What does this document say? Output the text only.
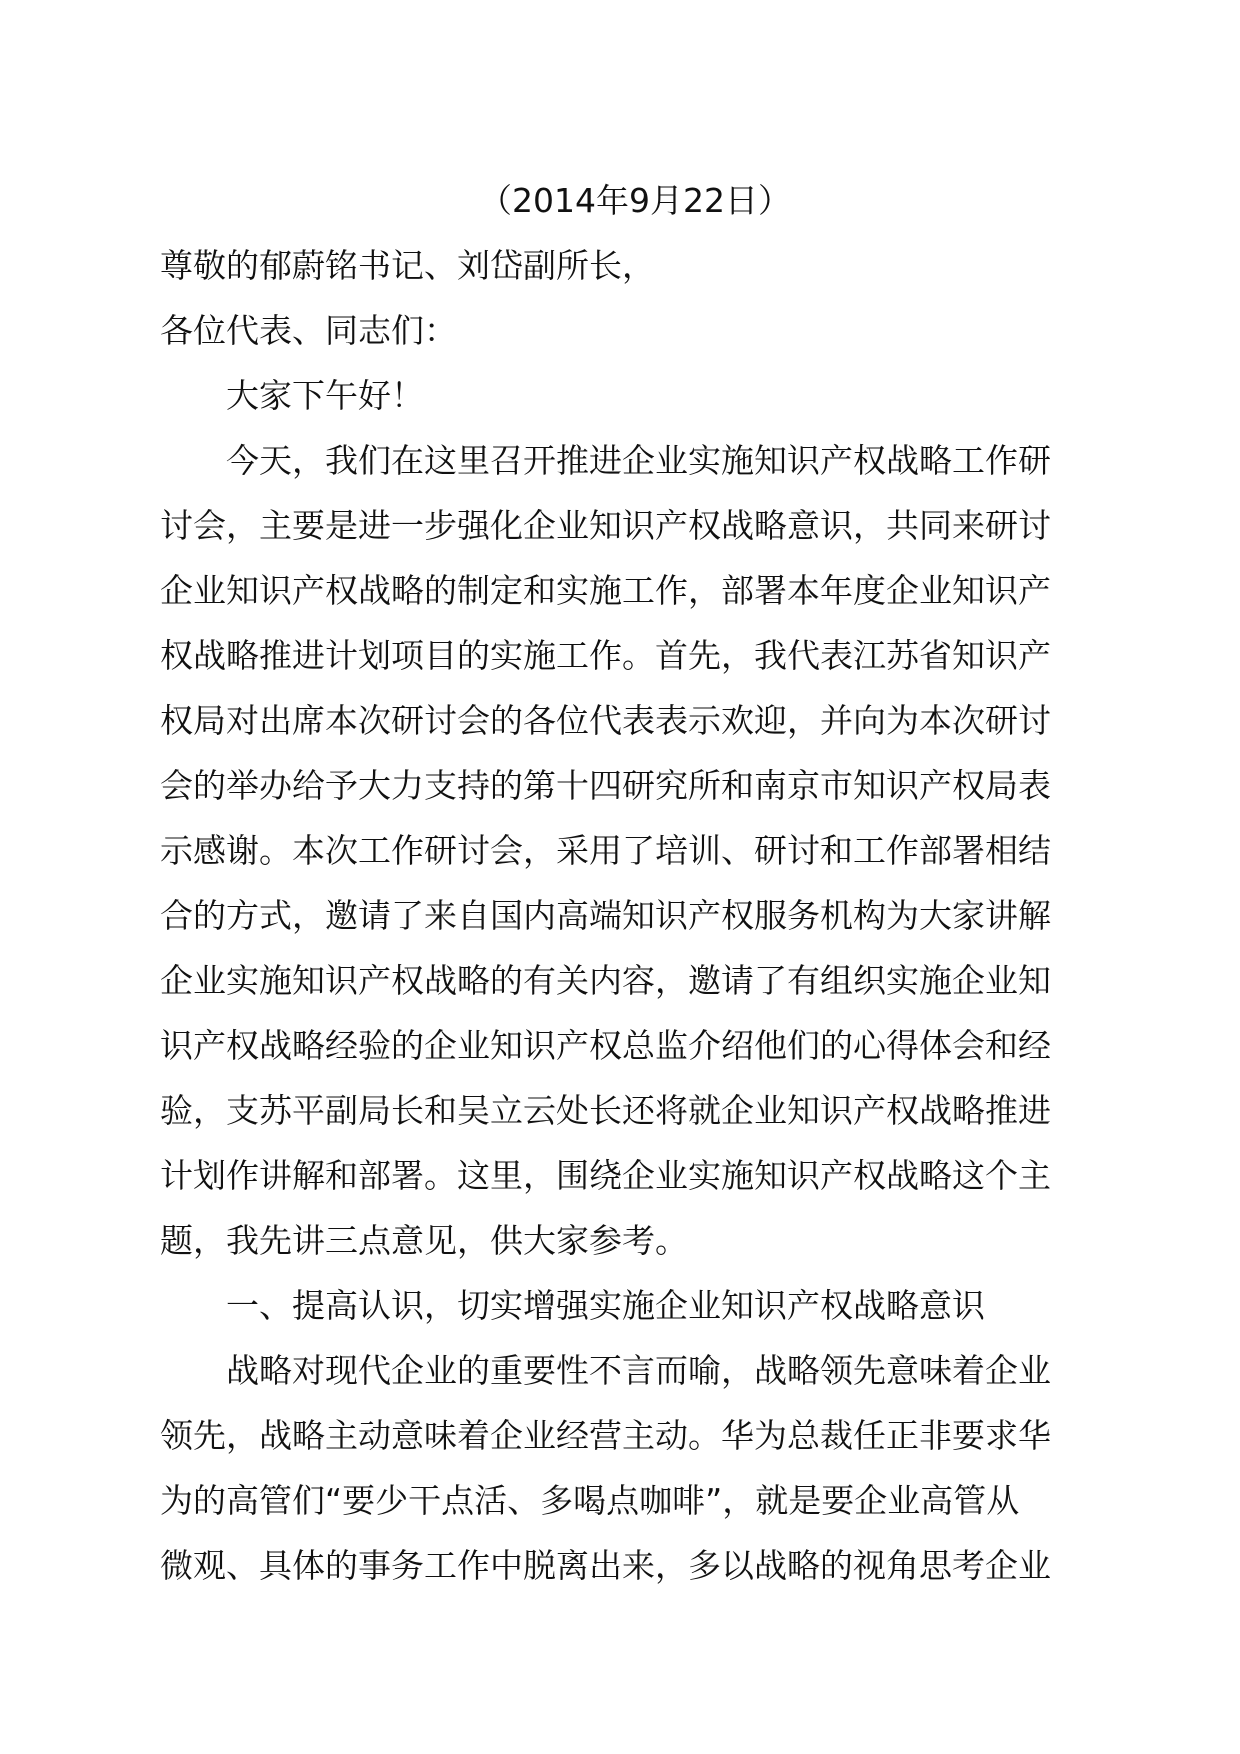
（2014年9月22日）

尊敬的郁蔚铭书记、刘岱副所长，

各位代表、同志们：

大家下午好！

今天，我们在这里召开推进企业实施知识产权战略工作研

讨会，主要是进一步强化企业知识产权战略意识，共同来研讨

企业知识产权战略的制定和实施工作，部署本年度企业知识产

权战略推进计划项目的实施工作。首先，我代表江苏省知识产

权局对出席本次研讨会的各位代表表示欢迎，并向为本次研讨

会的举办给予大力支持的第十四研究所和南京市知识产权局表

示感谢。本次工作研讨会，采用了培训、研讨和工作部署相结

合的方式，邀请了来自国内高端知识产权服务机构为大家讲解

企业实施知识产权战略的有关内容，邀请了有组织实施企业知

识产权战略经验的企业知识产权总监介绍他们的心得体会和经

验，支苏平副局长和吴立云处长还将就企业知识产权战略推进

计划作讲解和部署。这里，围绕企业实施知识产权战略这个主

题，我先讲三点意见，供大家参考。

一、提高认识，切实增强实施企业知识产权战略意识

战略对现代企业的重要性不言而喻，战略领先意味着企业

领先，战略主动意味着企业经营主动。华为总裁任正非要求华

为的高管们“要少干点活、多喝点咖啡”，就是要企业高管从

微观、具体的事务工作中脱离出来，多以战略的视角思考企业
